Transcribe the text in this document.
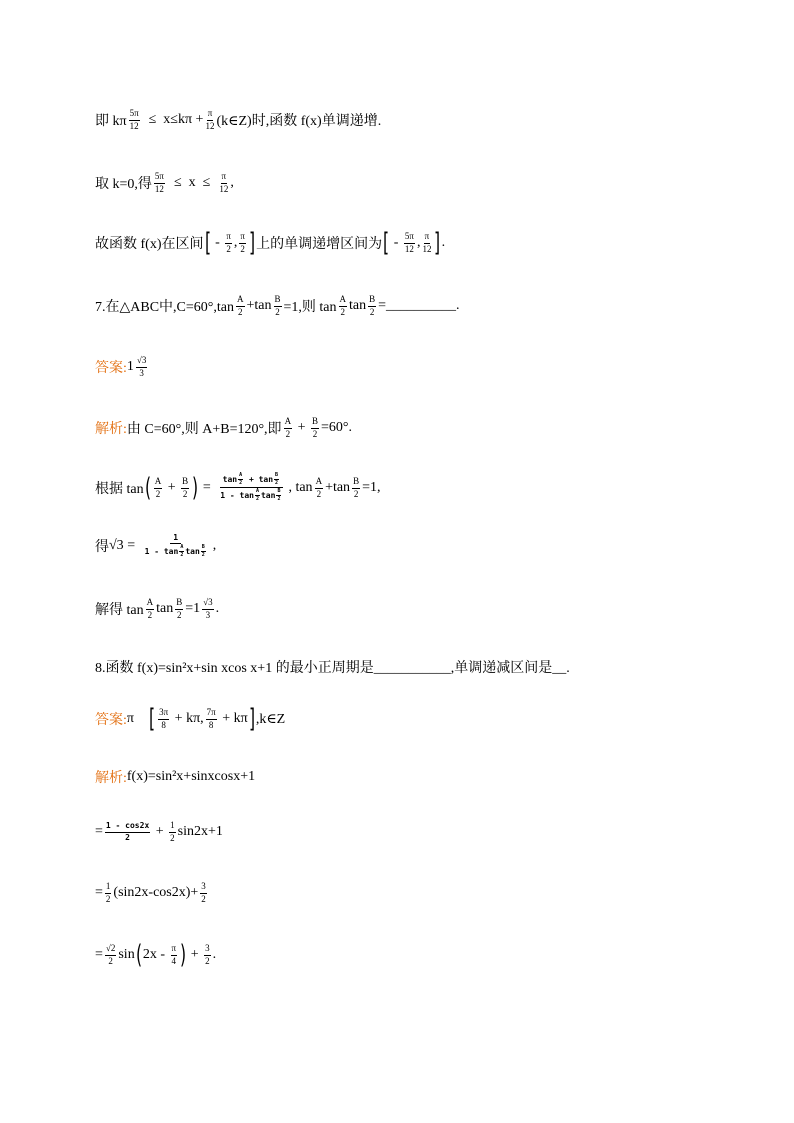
即 kπ $\frac{5\pi}{12} \le x\le k\pi + \frac{\pi}{12}$ (k∈Z)时,函数 f(x)单调递增.
取 k=0,得 $\frac{5\pi}{12} \le x \le \frac{\pi}{12}$ ,
故函数 f(x)在区间 [ - $\frac{\pi}{2}$ , $\frac{\pi}{2}$ ] 上的单调递增区间为 [ - $\frac{5\pi}{12}$ , $\frac{\pi}{12}$ ] .
7.在△ABC中$,C=60^\circ,\tan \frac{A}{2} +\tan \frac{B}{2} =1$,则 $\tan \frac{A}{2}$ $\tan \frac{B}{2}$ =__________.
答案: $1 \frac{√3}{3}$
解析: 由 C=60°,则 A+B=120°,即 $\frac{A}{2} + \frac{B}{2} =60^\circ$.
根据 tan ( $\frac{A}{2} + \frac{B}{2}$ ) = $\frac{\tan \frac{A}{2} + \tan \frac{B}{2}}{1 - \tan \frac{A}{2} \tan \frac{B}{2}}$ , $\tan \frac{A}{2} +\tan \frac{B}{2} =1$,
得 $√3 = \frac{1}{1 - \tan \frac{A}{2} \tan \frac{B}{2}}$ ,
解得 $\tan \frac{A}{2}$ $\tan \frac{B}{2} =1 \frac{√3}{3}$ .
8.函数 f(x)=sin²x+sin xcos x+1 的最小正周期是___________,单调递减区间是__.
答案: π [ $\frac{3\pi}{8} + k\pi$, $\frac{7\pi}{8} + k\pi$ ] ,k∈Z
解析: f(x)=sin²x+sinxcosx+1
= $\frac{1 - \cos 2x}{2} + \frac{1}{2} \sin 2x+1$
= $\frac{1}{2} (\sin 2x-\cos 2x)+ \frac{3}{2}$
= $\frac{√2}{2}$ sin ( $2x - \frac{\pi}{4}$ ) + $\frac{3}{2}$ .
